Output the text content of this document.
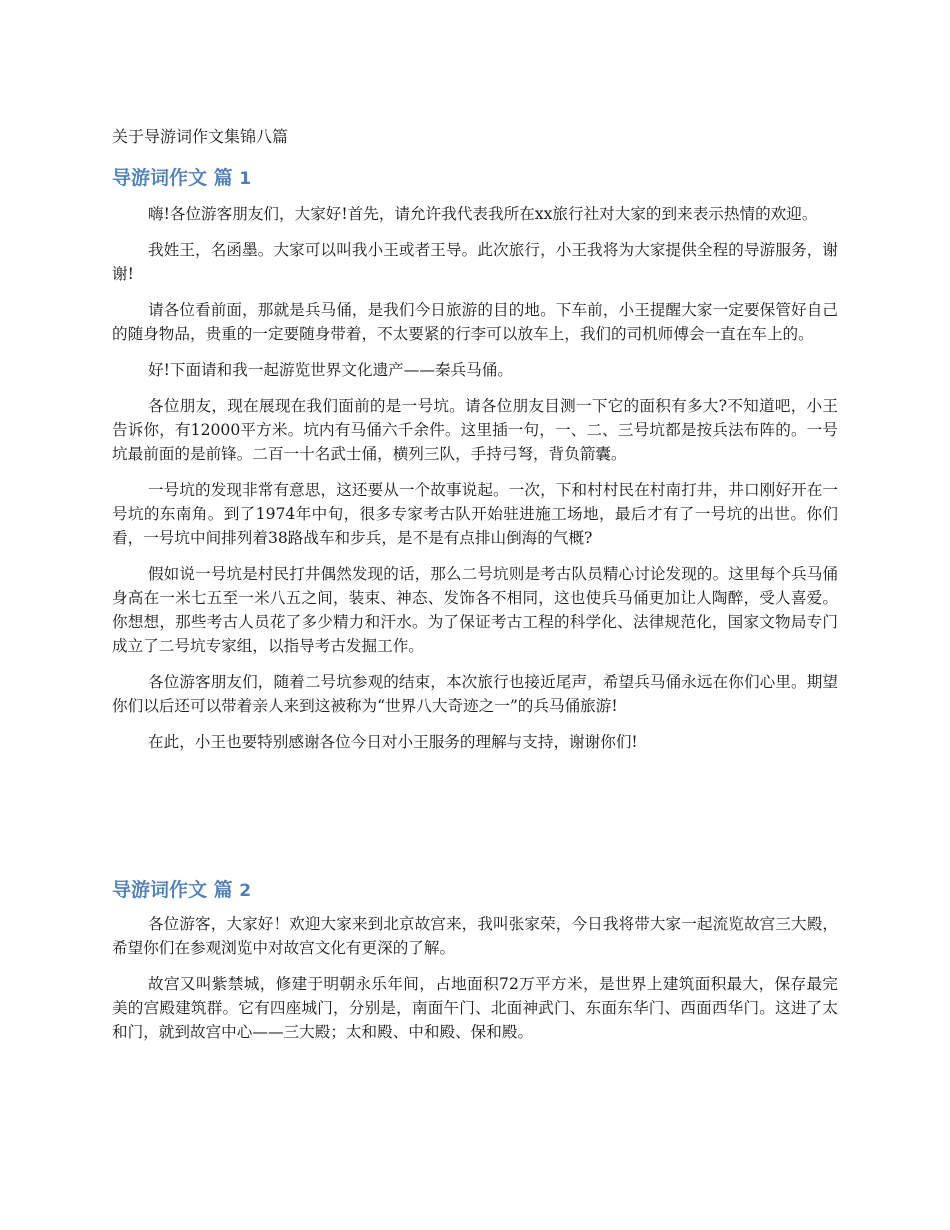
关于导游词作文集锦八篇

导游词作文 篇 1

嗨!各位游客朋友们，大家好!首先，请允许我代表我所在xx旅行社对大家的到来表示热情的欢迎。

我姓王，名函墨。大家可以叫我小王或者王导。此次旅行，小王我将为大家提供全程的导游服务，谢谢!

请各位看前面，那就是兵马俑，是我们今日旅游的目的地。下车前，小王提醒大家一定要保管好自己的随身物品，贵重的一定要随身带着，不太要紧的行李可以放车上，我们的司机师傅会一直在车上的。

好!下面请和我一起游览世界文化遗产——秦兵马俑。

各位朋友，现在展现在我们面前的是一号坑。请各位朋友目测一下它的面积有多大?不知道吧，小王告诉你，有12000平方米。坑内有马俑六千余件。这里插一句，一、二、三号坑都是按兵法布阵的。一号坑最前面的是前锋。二百一十名武士俑，横列三队，手持弓弩，背负箭囊。

一号坑的发现非常有意思，这还要从一个故事说起。一次，下和村村民在村南打井，井口刚好开在一号坑的东南角。到了1974年中旬，很多专家考古队开始驻进施工场地，最后才有了一号坑的出世。你们看，一号坑中间排列着38路战车和步兵，是不是有点排山倒海的气概?

假如说一号坑是村民打井偶然发现的话，那么二号坑则是考古队员精心讨论发现的。这里每个兵马俑身高在一米七五至一米八五之间，装束、神态、发饰各不相同，这也使兵马俑更加让人陶醉，受人喜爱。你想想，那些考古人员花了多少精力和汗水。为了保证考古工程的科学化、法律规范化，国家文物局专门成立了二号坑专家组，以指导考古发掘工作。

各位游客朋友们，随着二号坑参观的结束，本次旅行也接近尾声，希望兵马俑永远在你们心里。期望你们以后还可以带着亲人来到这被称为“世界八大奇迹之一”的兵马俑旅游!

在此，小王也要特别感谢各位今日对小王服务的理解与支持，谢谢你们!

导游词作文 篇 2

各位游客，大家好！欢迎大家来到北京故宫来，我叫张家荣，今日我将带大家一起流览故宫三大殿，希望你们在参观浏览中对故宫文化有更深的了解。

故宫又叫紫禁城，修建于明朝永乐年间，占地面积72万平方米，是世界上建筑面积最大，保存最完美的宫殿建筑群。它有四座城门，分别是，南面午门、北面神武门、东面东华门、西面西华门。这进了太和门，就到故宫中心——三大殿；太和殿、中和殿、保和殿。
